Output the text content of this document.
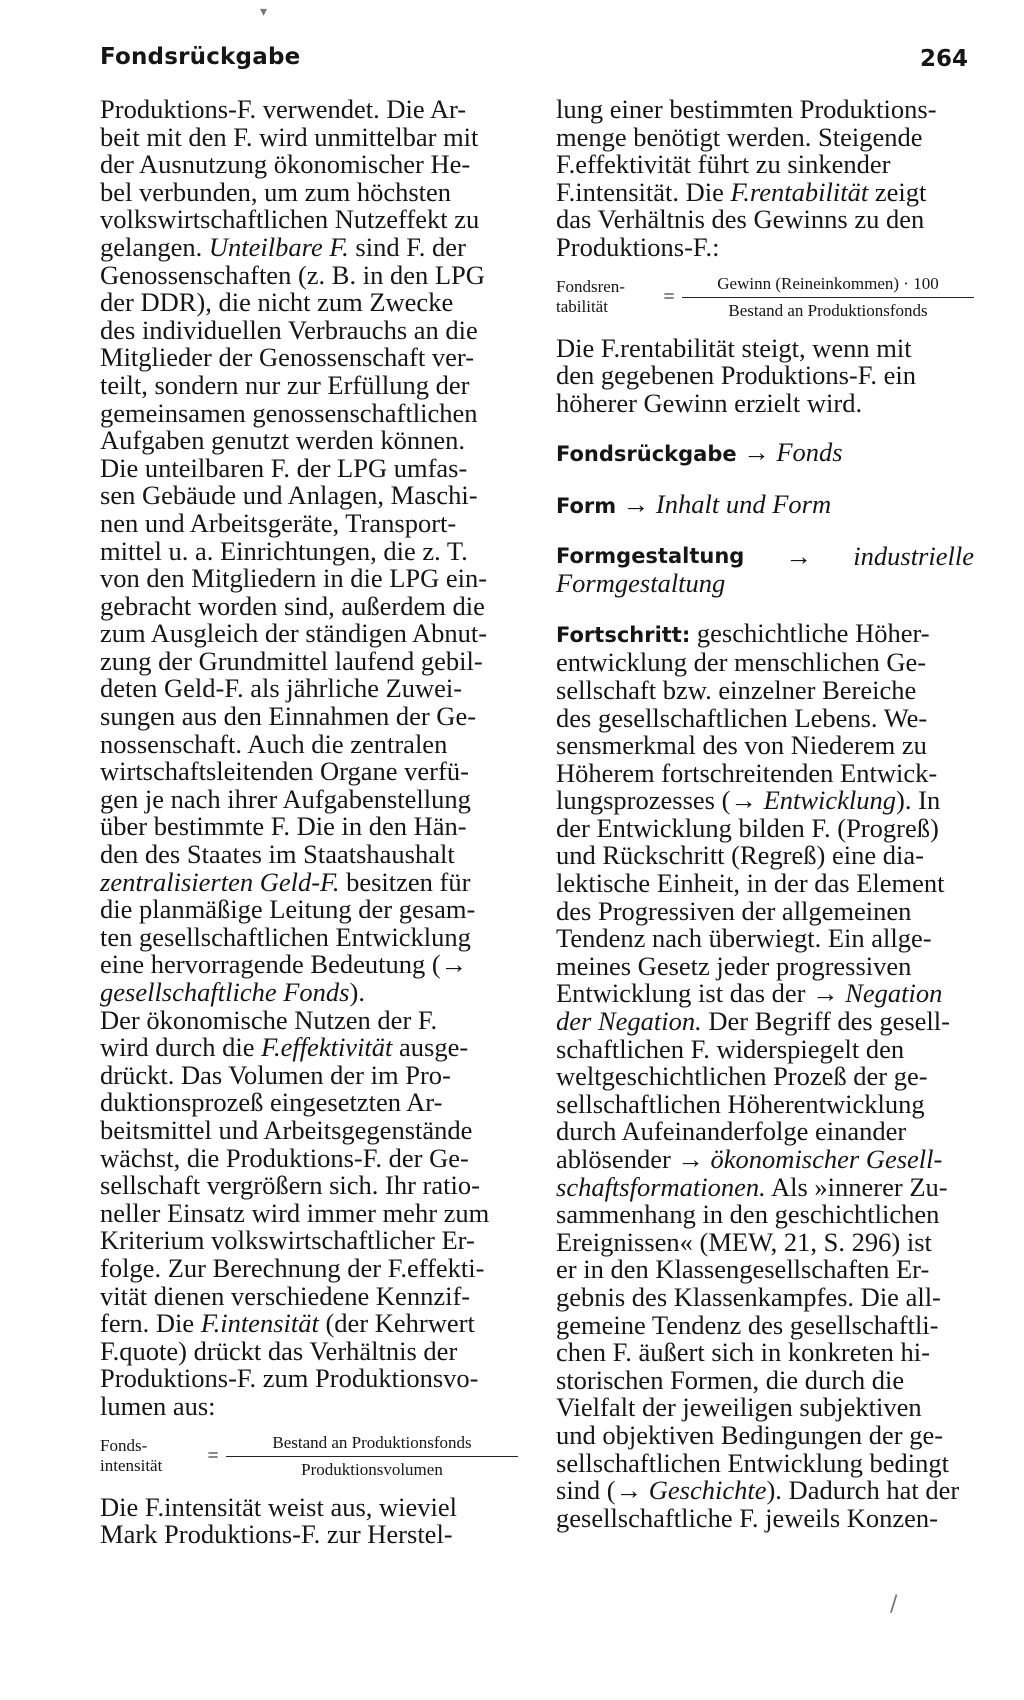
▾
Fondsrückgabe	264

Produktions-F. verwendet. Die Ar-

beit mit den F. wird unmittelbar mit

der Ausnutzung ökonomischer He-

bel verbunden, um zum höchsten

volkswirtschaftlichen Nutzeffekt zu

gelangen. Unteilbare F. sind F. der

Genossenschaften (z. B. in den LPG

der DDR), die nicht zum Zwecke

des individuellen Verbrauchs an die

Mitglieder der Genossenschaft ver-

teilt, sondern nur zur Erfüllung der

gemeinsamen genossenschaftlichen

Aufgaben genutzt werden können.

Die unteilbaren F. der LPG umfas-

sen Gebäude und Anlagen, Maschi-

nen und Arbeitsgeräte, Transport-

mittel u. a. Einrichtungen, die z. T.

von den Mitgliedern in die LPG ein-

gebracht worden sind, außerdem die

zum Ausgleich der ständigen Abnut-

zung der Grundmittel laufend gebil-

deten Geld-F. als jährliche Zuwei-

sungen aus den Einnahmen der Ge-

nossenschaft. Auch die zentralen

wirtschaftsleitenden Organe verfü-

gen je nach ihrer Aufgabenstellung

über bestimmte F. Die in den Hän-

den des Staates im Staatshaushalt

zentralisierten Geld-F. besitzen für

die planmäßige Leitung der gesam-

ten gesellschaftlichen Entwicklung

eine hervorragende Bedeutung (→

gesellschaftliche Fonds).

Der ökonomische Nutzen der F.

wird durch die F.effektivität ausge-

drückt. Das Volumen der im Pro-

duktionsprozeß eingesetzten Ar-

beitsmittel und Arbeitsgegenstände

wächst, die Produktions-F. der Ge-

sellschaft vergrößern sich. Ihr ratio-

neller Einsatz wird immer mehr zum

Kriterium volkswirtschaftlicher Er-

folge. Zur Berechnung der F.effekti-

vität dienen verschiedene Kennzif-

fern. Die F.intensität (der Kehrwert

F.quote) drückt das Verhältnis der

Produktions-F. zum Produktionsvo-

lumen aus:

Fonds-
intensität	= $\frac{\text{Bestand an Produktionsfonds}}{\text{Produktionsvolumen}}$

Die F.intensität weist aus, wieviel

Mark Produktions-F. zur Herstel-

lung einer bestimmten Produktions-

menge benötigt werden. Steigende

F.effektivität führt zu sinkender

F.intensität. Die F.rentabilität zeigt

das Verhältnis des Gewinns zu den

Produktions-F.:

Fondsren-
tabilität	= $\frac{\text{Gewinn (Reineinkommen) · 100}}{\text{Bestand an Produktionsfonds}}$

Die F.rentabilität steigt, wenn mit

den gegebenen Produktions-F. ein

höherer Gewinn erzielt wird.

Fondsrückgabe → Fonds

Form → Inhalt und Form

Formgestaltung → industrielle

Formgestaltung

Fortschritt: geschichtliche Höher-

entwicklung der menschlichen Ge-

sellschaft bzw. einzelner Bereiche

des gesellschaftlichen Lebens. We-

sensmerkmal des von Niederem zu

Höherem fortschreitenden Entwick-

lungsprozesses (→ Entwicklung). In

der Entwicklung bilden F. (Progreß)

und Rückschritt (Regreß) eine dia-

lektische Einheit, in der das Element

des Progressiven der allgemeinen

Tendenz nach überwiegt. Ein allge-

meines Gesetz jeder progressiven

Entwicklung ist das der → Negation

der Negation. Der Begriff des gesell-

schaftlichen F. widerspiegelt den

weltgeschichtlichen Prozeß der ge-

sellschaftlichen Höherentwicklung

durch Aufeinanderfolge einander

ablösender → ökonomischer Gesell-

schaftsformationen. Als »innerer Zu-

sammenhang in den geschichtlichen

Ereignissen« (MEW, 21, S. 296) ist

er in den Klassengesellschaften Er-

gebnis des Klassenkampfes. Die all-

gemeine Tendenz des gesellschaftli-

chen F. äußert sich in konkreten hi-

storischen Formen, die durch die

Vielfalt der jeweiligen subjektiven

und objektiven Bedingungen der ge-

sellschaftlichen Entwicklung bedingt

sind (→ Geschichte). Dadurch hat der

gesellschaftliche F. jeweils Konzen-

/
